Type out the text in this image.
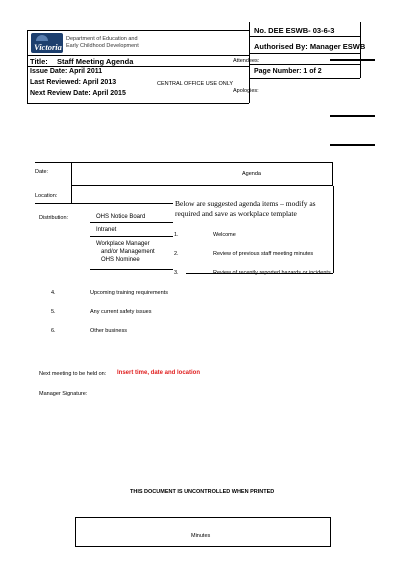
Victoria
Department of Education and
Early Childhood Development
No. DEE ESWB- 03-6-3
Authorised By: Manager ESWB
Title: Staff Meeting Agenda	Attendees:
Issue Date: April 2011	Page Number: 1 of 2
Last Reviewed: April 2013	CENTRAL OFFICE USE ONLY
Next Review Date: April 2015	Apologies:
Date:	Agenda
Location:
Below are suggested agenda items – modify as
required and save as workplace template
Distribution:	OHS Notice Board
Intranet
Workplace Manager
and/or Management
OHS Nominee
1.	Welcome
2.	Review of previous staff meeting minutes
3.	Review of recently reported hazards or incidents
4.	Upcoming training requirements
5.	Any current safety issues
6.	Other business
Next meeting to be held on: Insert time, date and location
Manager Signature:
THIS DOCUMENT IS UNCONTROLLED WHEN PRINTED
Minutes
